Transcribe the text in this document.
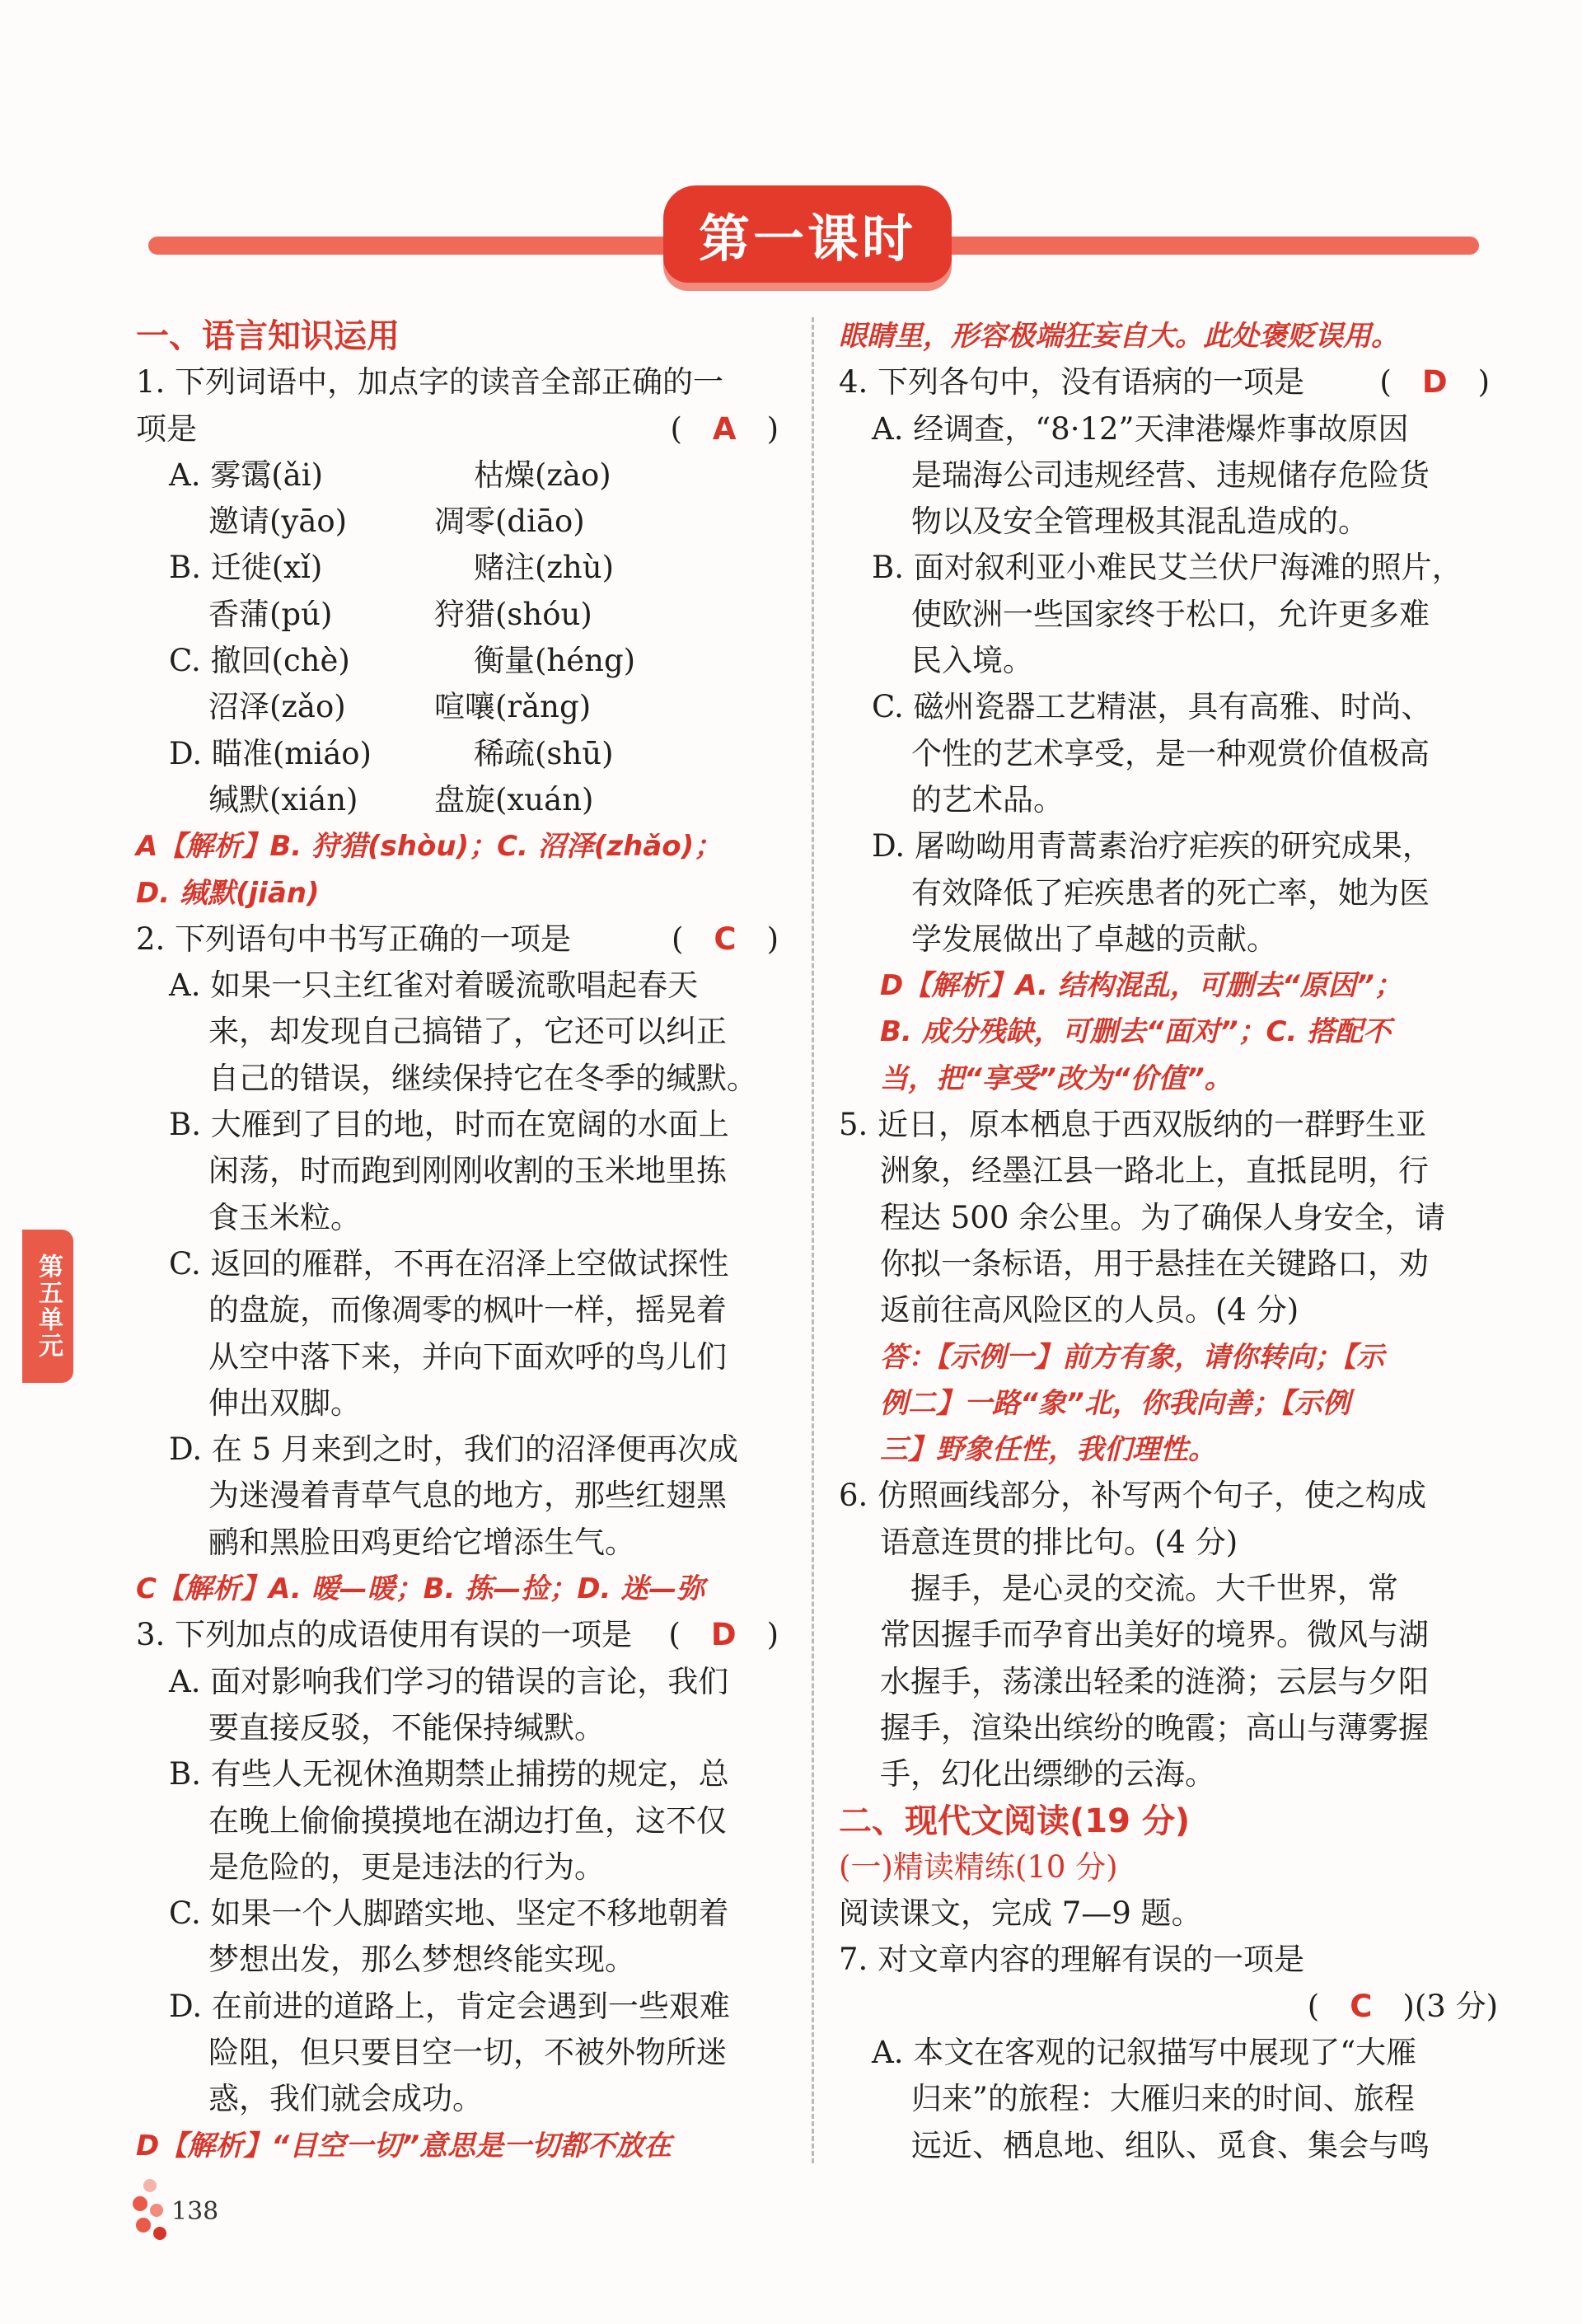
第一课时
一、语言知识运用
1. 下列词语中，加点字的读音全部正确的一
项是	( A )
A. 雾霭(ǎi)	枯燥(zào)
邀请(yāo)	凋零(diāo)
B. 迁徙(xǐ)	赌注(zhù)
香蒲(pú)	狩猎(shóu)
C. 撤回(chè)	衡量(héng)
沼泽(zǎo)	喧嚷(rǎng)
D. 瞄准(miáo)	稀疏(shū)
缄默(xián)	盘旋(xuán)
A【解析】B. 狩猎(shòu)；C. 沼泽(zhǎo)；
D. 缄默(jiān)
2. 下列语句中书写正确的一项是	( C )
A. 如果一只主红雀对着暖流歌唱起春天
来，却发现自己搞错了，它还可以纠正
自己的错误，继续保持它在冬季的缄默。
B. 大雁到了目的地，时而在宽阔的水面上
闲荡，时而跑到刚刚收割的玉米地里拣
食玉米粒。
C. 返回的雁群，不再在沼泽上空做试探性
的盘旋，而像凋零的枫叶一样，摇晃着
从空中落下来，并向下面欢呼的鸟儿们
伸出双脚。
D. 在 5 月来到之时，我们的沼泽便再次成
为迷漫着青草气息的地方，那些红翅黑
鹂和黑脸田鸡更给它增添生气。
C【解析】A. 暧—暖；B. 拣—捡；D. 迷—弥
3. 下列加点的成语使用有误的一项是 ( D )
A. 面对影响我们学习的错误的言论，我们
要直接反驳，不能保持缄默。
B. 有些人无视休渔期禁止捕捞的规定，总
在晚上偷偷摸摸地在湖边打鱼，这不仅
是危险的，更是违法的行为。
C. 如果一个人脚踏实地、坚定不移地朝着
梦想出发，那么梦想终能实现。
D. 在前进的道路上，肯定会遇到一些艰难
险阻，但只要目空一切，不被外物所迷
惑，我们就会成功。
D【解析】“目空一切”意思是一切都不放在
眼睛里，形容极端狂妄自大。此处褒贬误用。
4. 下列各句中，没有语病的一项是 ( D )
A. 经调查，“8·12”天津港爆炸事故原因
是瑞海公司违规经营、违规储存危险货
物以及安全管理极其混乱造成的。
B. 面对叙利亚小难民艾兰伏尸海滩的照片，
使欧洲一些国家终于松口，允许更多难
民入境。
C. 磁州瓷器工艺精湛，具有高雅、时尚、
个性的艺术享受，是一种观赏价值极高
的艺术品。
D. 屠呦呦用青蒿素治疗疟疾的研究成果，
有效降低了疟疾患者的死亡率，她为医
学发展做出了卓越的贡献。
D【解析】A. 结构混乱，可删去“原因”；
B. 成分残缺，可删去“面对”；C. 搭配不
当，把“享受”改为“价值”。
5. 近日，原本栖息于西双版纳的一群野生亚
洲象，经墨江县一路北上，直抵昆明，行
程达 500 余公里。为了确保人身安全，请
你拟一条标语，用于悬挂在关键路口，劝
返前往高风险区的人员。(4 分)
答：【示例一】前方有象，请你转向；【示
例二】一路“象”北，你我向善；【示例
三】野象任性，我们理性。
6. 仿照画线部分，补写两个句子，使之构成
语意连贯的排比句。(4 分)
　握手，是心灵的交流。大千世界，常
常因握手而孕育出美好的境界。微风与湖
水握手，荡漾出轻柔的涟漪；云层与夕阳
握手，渲染出缤纷的晚霞；高山与薄雾握
手，幻化出缥缈的云海。
二、现代文阅读(19 分)
(一)精读精练(10 分)
阅读课文，完成 7—9 题。
7. 对文章内容的理解有误的一项是
( C )(3 分)
A. 本文在客观的记叙描写中展现了“大雁
归来”的旅程：大雁归来的时间、旅程
远近、栖息地、组队、觅食、集会与鸣
第五单元
138
